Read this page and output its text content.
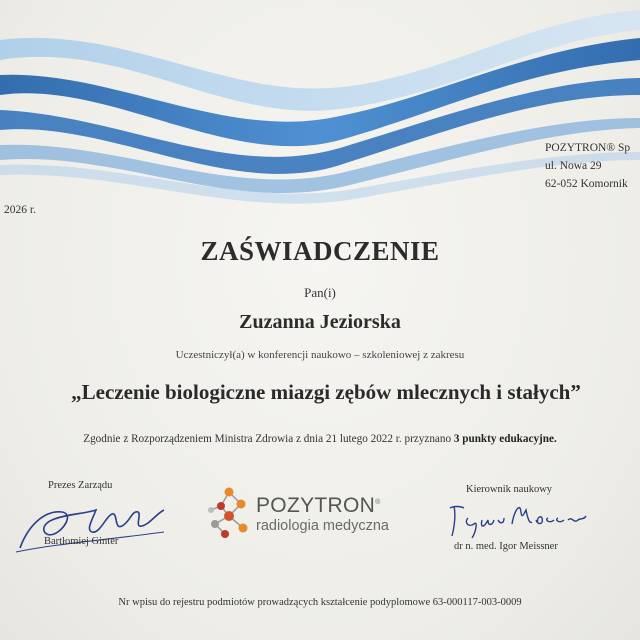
POZYTRON® Sp
ul. Nowa 29
62-052 Komornik
2026 r.
ZAŚWIADCZENIE
Pan(i)
Zuzanna Jeziorska
Uczestniczył(a) w konferencji naukowo – szkoleniowej z zakresu
„Leczenie biologiczne miazgi zębów mlecznych i stałych”
Zgodnie z Rozporządzeniem Ministra Zdrowia z dnia 21 lutego 2022 r. przyznano 3 punkty edukacyjne.
Prezes Zarządu
Bartłomiej Ginter
POZYTRON®
radiologia medyczna
Kierownik naukowy
dr n. med. Igor Meissner
Nr wpisu do rejestru podmiotów prowadzących kształcenie podyplomowe 63-000117-003-0009
